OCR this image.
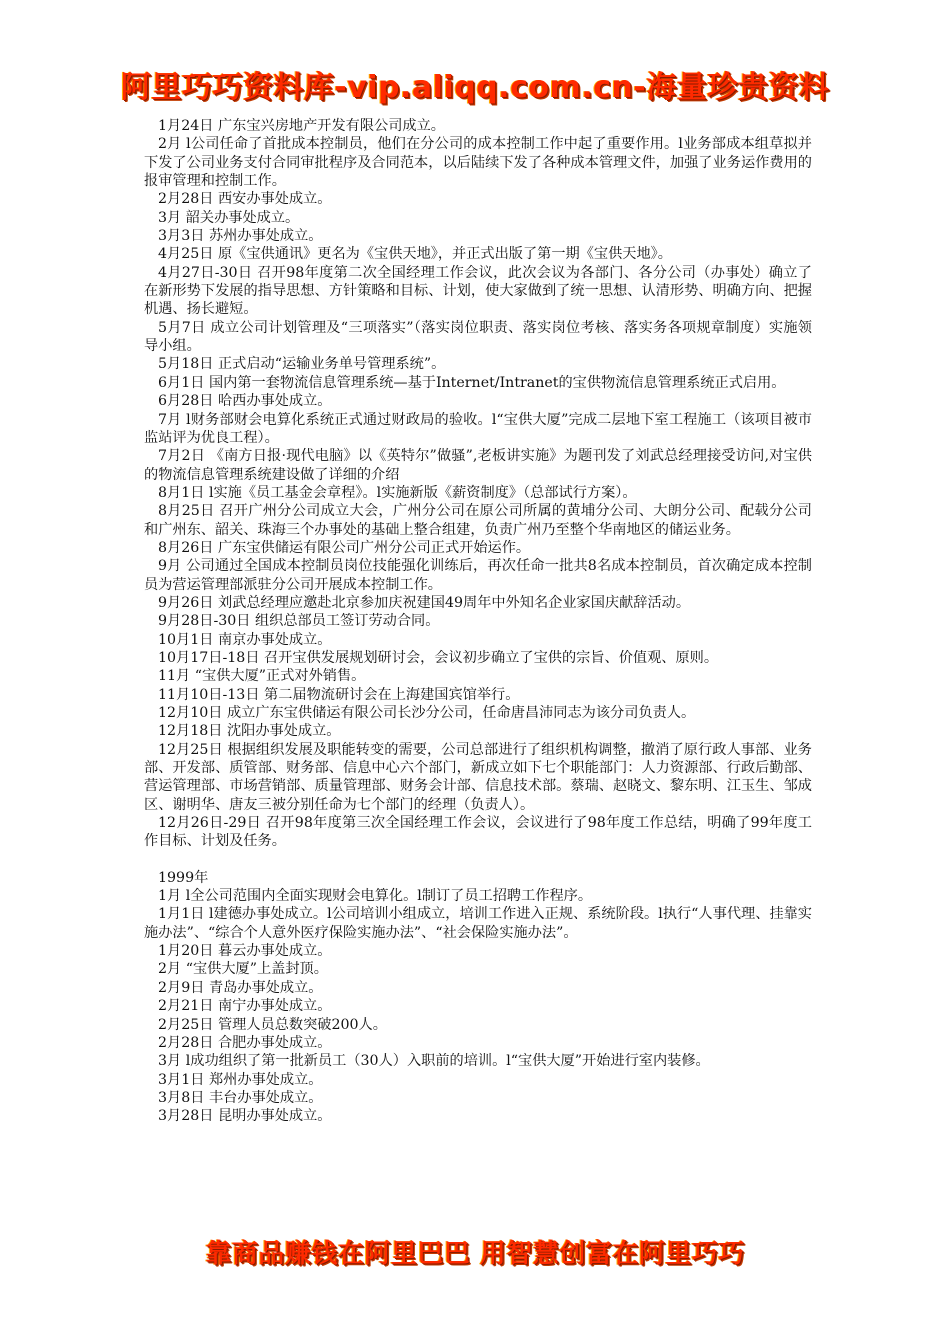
阿里巧巧资料库-vip.aliqq.com.cn-海量珍贵资料

1月24日 广东宝兴房地产开发有限公司成立。

2月 l公司任命了首批成本控制员，他们在分公司的成本控制工作中起了重要作用。l业务部成本组草拟并下发了公司业务支付合同审批程序及合同范本，以后陆续下发了各种成本管理文件，加强了业务运作费用的报审管理和控制工作。

2月28日 西安办事处成立。

3月 韶关办事处成立。

3月3日 苏州办事处成立。

4月25日 原《宝供通讯》更名为《宝供天地》，并正式出版了第一期《宝供天地》。

4月27日-30日 召开98年度第二次全国经理工作会议，此次会议为各部门、各分公司（办事处）确立了在新形势下发展的指导思想、方针策略和目标、计划，使大家做到了统一思想、认清形势、明确方向、把握机遇、扬长避短。

5月7日 成立公司计划管理及“三项落实”（落实岗位职责、落实岗位考核、落实务各项规章制度）实施领导小组。

5月18日 正式启动“运输业务单号管理系统”。

6月1日 国内第一套物流信息管理系统—基于Internet/Intranet的宝供物流信息管理系统正式启用。

6月28日 哈西办事处成立。

7月 l财务部财会电算化系统正式通过财政局的验收。l“宝供大厦”完成二层地下室工程施工（该项目被市监站评为优良工程）。

7月2日 《南方日报·现代电脑》以《英特尔”做骚”,老板讲实施》为题刊发了刘武总经理接受访问,对宝供的物流信息管理系统建设做了详细的介绍

8月1日 l实施《员工基金会章程》。l实施新版《薪资制度》（总部试行方案）。

8月25日 召开广州分公司成立大会，广州分公司在原公司所属的黄埔分公司、大朗分公司、配载分公司和广州东、韶关、珠海三个办事处的基础上整合组建，负责广州乃至整个华南地区的储运业务。

8月26日 广东宝供储运有限公司广州分公司正式开始运作。

9月 公司通过全国成本控制员岗位技能强化训练后，再次任命一批共8名成本控制员，首次确定成本控制员为营运管理部派驻分公司开展成本控制工作。

9月26日 刘武总经理应邀赴北京参加庆祝建国49周年中外知名企业家国庆献辞活动。

9月28日-30日 组织总部员工签订劳动合同。

10月1日 南京办事处成立。

10月17日-18日 召开宝供发展规划研讨会，会议初步确立了宝供的宗旨、价值观、原则。

11月 “宝供大厦”正式对外销售。

11月10日-13日 第二届物流研讨会在上海建国宾馆举行。

12月10日 成立广东宝供储运有限公司长沙分公司，任命唐昌沛同志为该分司负责人。

12月18日 沈阳办事处成立。

12月25日 根据组织发展及职能转变的需要，公司总部进行了组织机构调整，撤消了原行政人事部、业务部、开发部、质管部、财务部、信息中心六个部门，新成立如下七个职能部门：人力资源部、行政后勤部、营运管理部、市场营销部、质量管理部、财务会计部、信息技术部。蔡瑞、赵晓文、黎东明、江玉生、邹成区、谢明华、唐友三被分别任命为七个部门的经理（负责人）。

12月26日-29日 召开98年度第三次全国经理工作会议，会议进行了98年度工作总结，明确了99年度工作目标、计划及任务。

1999年

1月 l全公司范围内全面实现财会电算化。l制订了员工招聘工作程序。

1月1日 l建德办事处成立。l公司培训小组成立，培训工作进入正规、系统阶段。l执行“人事代理、挂靠实施办法”、“综合个人意外医疗保险实施办法”、“社会保险实施办法”。

1月20日 暮云办事处成立。

2月 “宝供大厦”上盖封顶。

2月9日 青岛办事处成立。

2月21日 南宁办事处成立。

2月25日 管理人员总数突破200人。

2月28日 合肥办事处成立。

3月 l成功组织了第一批新员工（30人）入职前的培训。l“宝供大厦”开始进行室内装修。

3月1日 郑州办事处成立。

3月8日 丰台办事处成立。

3月28日 昆明办事处成立。

靠商品赚钱在阿里巴巴 用智慧创富在阿里巧巧
